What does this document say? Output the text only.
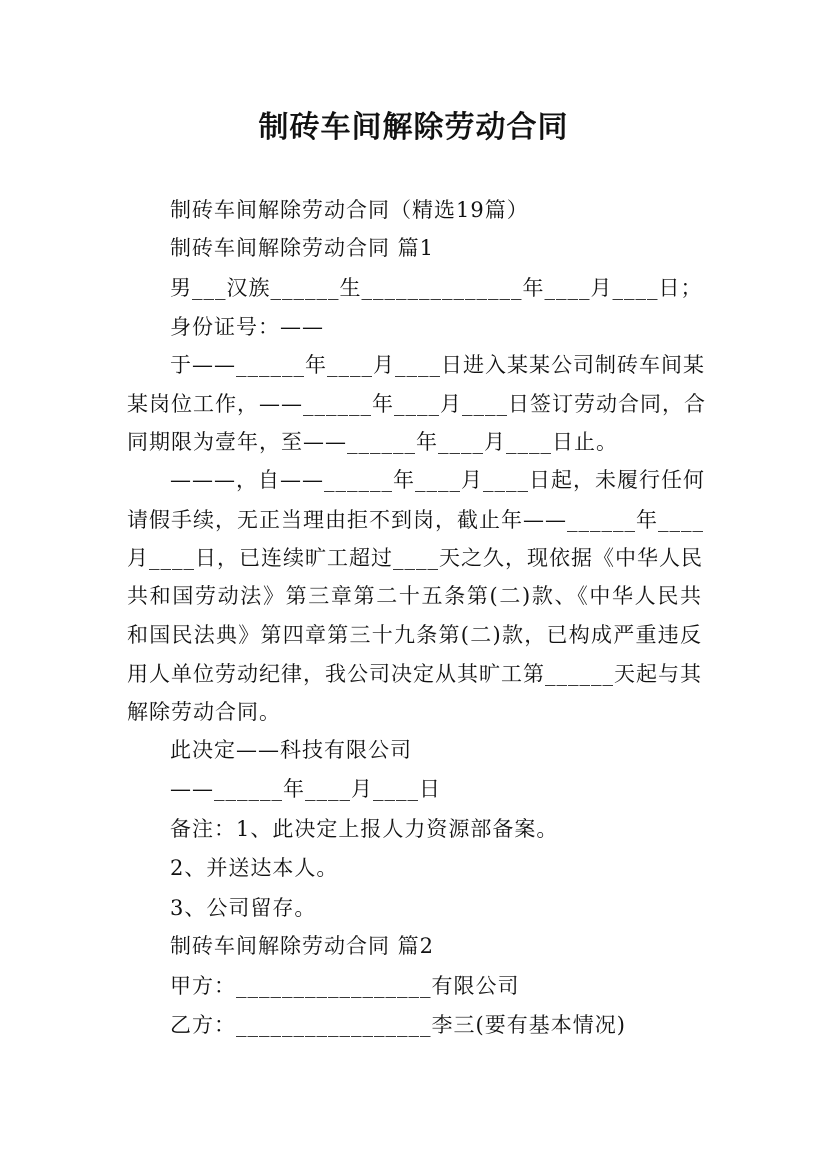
制砖车间解除劳动合同
制砖车间解除劳动合同（精选19篇）
制砖车间解除劳动合同 篇1
男___汉族______生______________年____月____日；
身份证号：——
于——______年____月____日进入某某公司制砖车间某
某岗位工作，——______年____月____日签订劳动合同，合
同期限为壹年，至——______年____月____日止。
———，自——______年____月____日起，未履行任何
请假手续，无正当理由拒不到岗，截止年——______年____
月____日，已连续旷工超过____天之久，现依据《中华人民
共和国劳动法》第三章第二十五条第(二)款、《中华人民共
和国民法典》第四章第三十九条第(二)款，已构成严重违反
用人单位劳动纪律，我公司决定从其旷工第______天起与其
解除劳动合同。
此决定——科技有限公司
——______年____月____日
备注：1、此决定上报人力资源部备案。
2、并送达本人。
3、公司留存。
制砖车间解除劳动合同 篇2
甲方：_________________有限公司
乙方：_________________李三(要有基本情况)
